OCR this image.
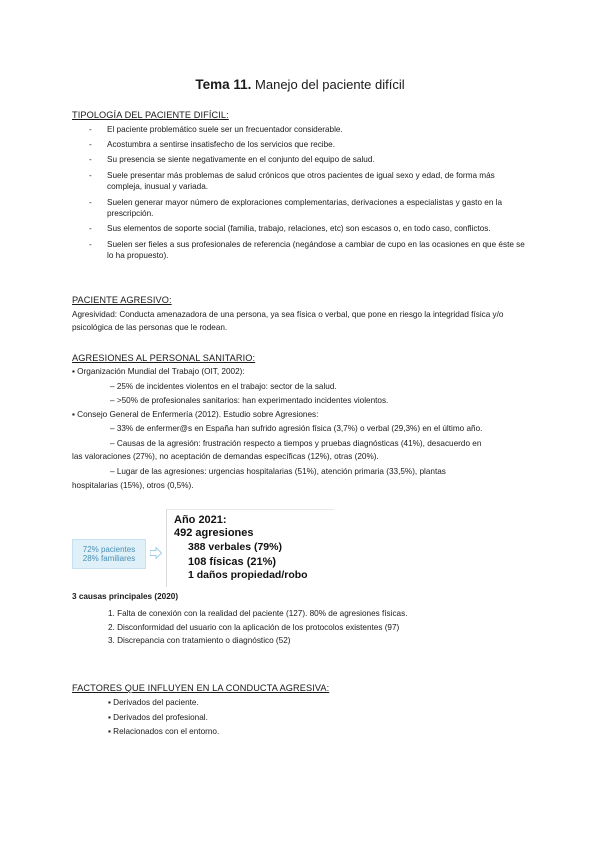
Tema 11. Manejo del paciente difícil
TIPOLOGÍA DEL PACIENTE DIFÍCIL:
- El paciente problemático suele ser un frecuentador considerable.
- Acostumbra a sentirse insatisfecho de los servicios que recibe.
- Su presencia se siente negativamente en el conjunto del equipo de salud.
- Suele presentar más problemas de salud crónicos que otros pacientes de igual sexo y edad, de forma más compleja, inusual y variada.
- Suelen generar mayor número de exploraciones complementarias, derivaciones a especialistas y gasto en la prescripción.
- Sus elementos de soporte social (familia, trabajo, relaciones, etc) son escasos o, en todo caso, conflictos.
- Suelen ser fieles a sus profesionales de referencia (negándose a cambiar de cupo en las ocasiones en que éste se lo ha propuesto).
PACIENTE AGRESIVO:
Agresividad: Conducta amenazadora de una persona, ya sea física o verbal, que pone en riesgo la integridad física y/o psicológica de las personas que le rodean.
AGRESIONES AL PERSONAL SANITARIO:
▪ Organización Mundial del Trabajo (OIT, 2002):
– 25% de incidentes violentos en el trabajo: sector de la salud.
– >50% de profesionales sanitarios: han experimentado incidentes violentos.
▪ Consejo General de Enfermería (2012). Estudio sobre Agresiones:
– 33% de enfermer@s en España han sufrido agresión física (3,7%) o verbal (29,3%) en el último año.
– Causas de la agresión: frustración respecto a tiempos y pruebas diagnósticas (41%), desacuerdo en
las valoraciones (27%), no aceptación de demandas específicas (12%), otras (20%).
– Lugar de las agresiones: urgencias hospitalarias (51%), atención primaria (33,5%), plantas
hospitalarias (15%), otros (0,5%).
72% pacientes
28% familiares
Año 2021:
492 agresiones
388 verbales (79%)
108 físicas (21%)
1 daños propiedad/robo
3 causas principales (2020)
1. Falta de conexión con la realidad del paciente (127). 80% de agresiones físicas.
2. Disconformidad del usuario con la aplicación de los protocolos existentes (97)
3. Discrepancia con tratamiento o diagnóstico (52)
FACTORES QUE INFLUYEN EN LA CONDUCTA AGRESIVA:
▪ Derivados del paciente.
▪ Derivados del profesional.
▪ Relacionados con el entorno.
